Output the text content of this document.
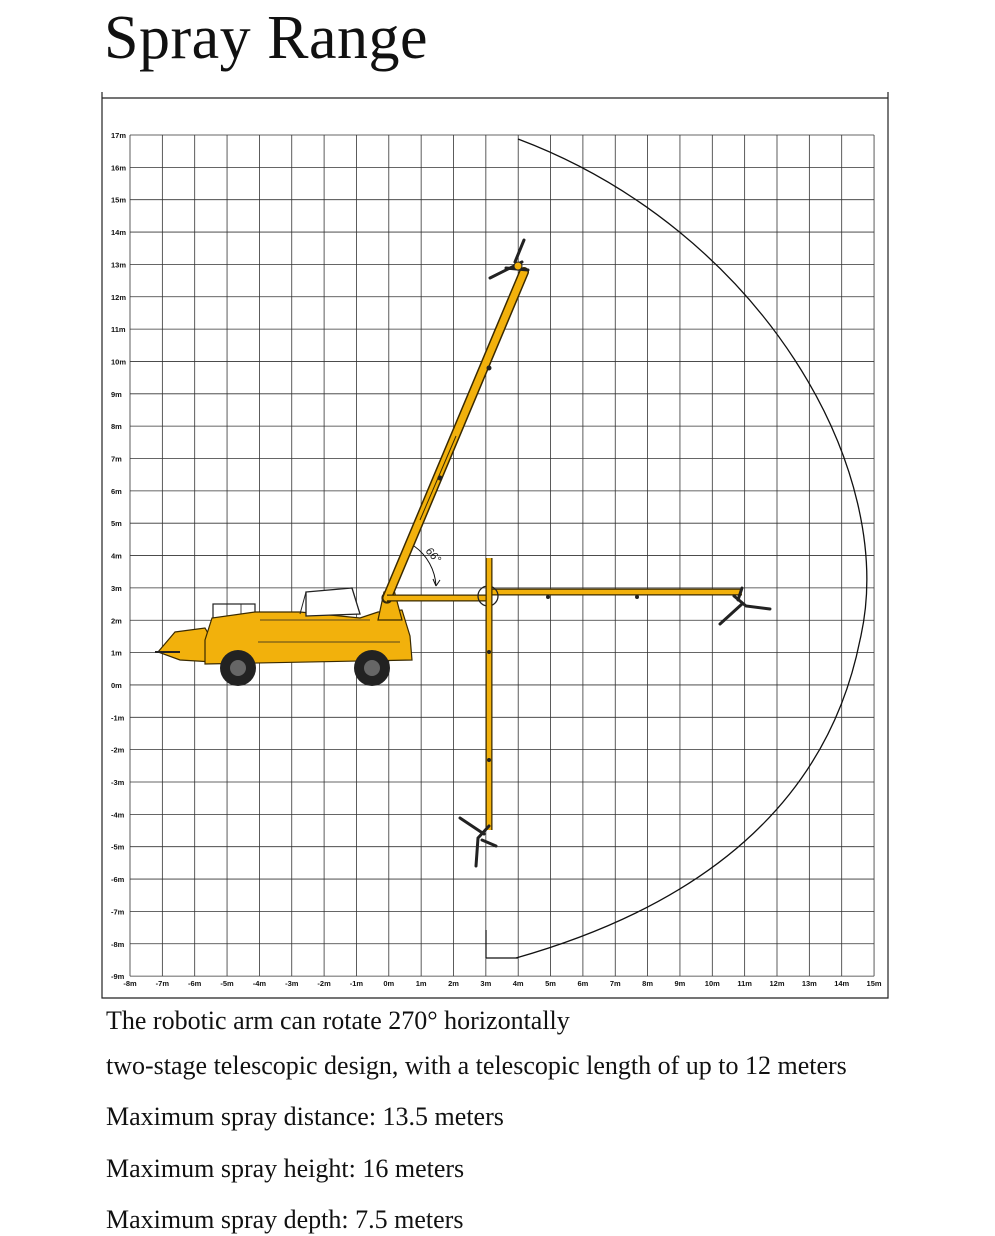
Spray Range
17m
16m
15m
14m
13m
12m
11m
10m
9m
8m
7m
6m
5m
4m
3m
2m
1m
0m
-1m
-2m
-3m
-4m
-5m
-6m
-7m
-8m
-9m
-8m	-7m	-6m	-5m	-4m	-3m	-2m	-1m	0m	1m	2m	3m	4m	5m	6m	7m	8m	9m	10m 11m 12m 13m 14m 15m
66°
The robotic arm can rotate 270° horizontally
two-stage telescopic design, with a telescopic length of up to 12 meters
Maximum spray distance: 13.5 meters
Maximum spray height: 16 meters
Maximum spray depth: 7.5 meters
